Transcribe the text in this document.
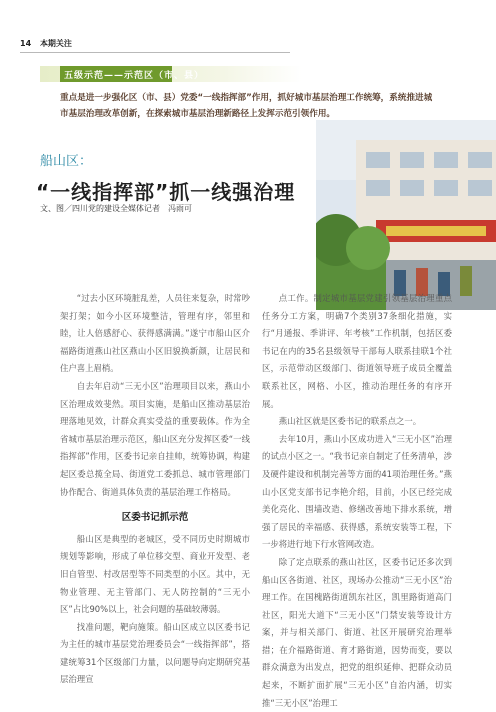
14 本期关注
五级示范——示范区（市、县）

重点是进一步强化区（市、县）党委“一线指挥部”作用，抓好城市基层治理工作统筹，系统推进城市基层治理改革创新，在探索城市基层治理新路径上发挥示范引领作用。

船山区：
“一线指挥部”抓一线强治理
文、图／四川党的建设全媒体记者　冯雨可

“过去小区环境脏乱差，人员往来复杂，时常吵架打架；如今小区环境整洁，管理有序，邻里和睦，让人倍感舒心、获得感满满。”遂宁市船山区介福路街道燕山社区燕山小区旧貌换新颜，让居民和住户喜上眉梢。

自去年启动“三无小区”治理项目以来，燕山小区治理成效斐然。项目实施，是船山区推动基层治理落地见效，计群众真实受益的重要载体。作为全省城市基层治理示范区，船山区充分发挥区委“一线指挥部”作用，区委书记亲自挂帅，统筹协调，构建起区委总揽全局、街道党工委抓总、城市管理部门协作配合、街道具体负责的基层治理工作格局。

区委书记抓示范

船山区是典型的老城区，受不同历史时期城市规划等影响，形成了单位移交型、商业开发型、老旧自管型、村改居型等不同类型的小区。其中，无物业管理、无主管部门、无人防控制的“三无小区”占比90%以上，社会问题的基础较薄弱。

找准问题，靶向施策。船山区成立以区委书记为主任的城市基层党治理委员会“一线指挥部”，搭建统筹31个区级部门力量，以问题导向定期研究基层治理宣

点工作。制定城市基层党建引领基层治理重点任务分工方案，明确7个类别37条细化措施，实行“月通报、季讲评、年考核”工作机制，包括区委书记在内的35名县级领导干部每人联系挂联1个社区，示范带动区级部门、街道领导班子成员全覆盖联系社区，网格、小区，推动治理任务的有序开展。

燕山社区就是区委书记的联系点之一。

去年10月，燕山小区成功进入“三无小区”治理的试点小区之一。“我书记亲自制定了任务清单，涉及硬件建设和机制完善等方面的41项治理任务。”燕山小区党支部书记李艳介绍，目前，小区已经完成美化亮化、围墙改造、修缮改善地下排水系统，增强了居民的幸福感、获得感，系统安装等工程，下一步将进行地下行水管网改造。

除了定点联系的燕山社区，区委书记还多次到船山区各街道、社区，现场办公推动“三无小区”治理工作。在国槐路街道凯东社区，凯里路街道高门社区，阳光大道下“三无小区”门禁安装等设计方案，并与相关部门、街道、社区开展研究治理举措；在介福路街道、育才路街道，因势而变，要以群众满意为出发点，把党的组织延伸、把群众动员起来，不断扩面扩展“三无小区”自治内涵，切实推“三无小区”治理工
